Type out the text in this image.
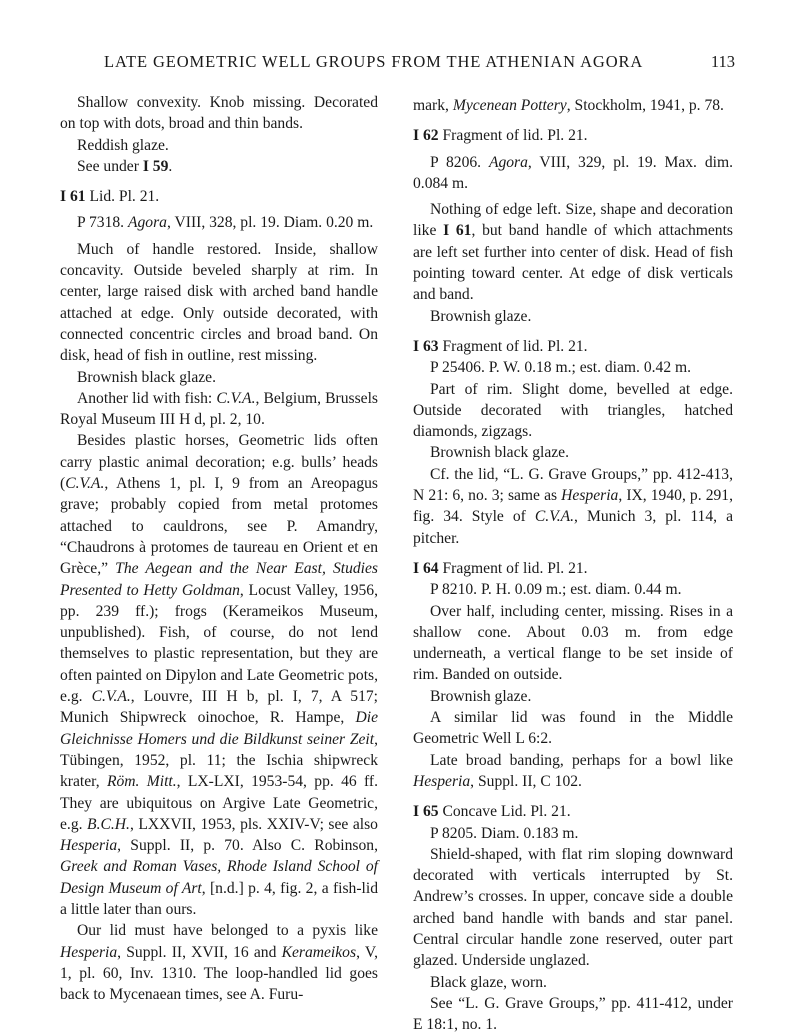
LATE GEOMETRIC WELL GROUPS FROM THE ATHENIAN AGORA	113

Shallow convexity. Knob missing. Decorated on top with dots, broad and thin bands.

Reddish glaze.

See under I 59.

I 61 Lid. Pl. 21.

P 7318. Agora, VIII, 328, pl. 19. Diam. 0.20 m.

Much of handle restored. Inside, shallow concavity. Outside beveled sharply at rim. In center, large raised disk with arched band handle attached at edge. Only outside decorated, with connected concentric circles and broad band. On disk, head of fish in outline, rest missing.

Brownish black glaze.

Another lid with fish: C.V.A., Belgium, Brussels Royal Museum III H d, pl. 2, 10.

Besides plastic horses, Geometric lids often carry plastic animal decoration; e.g. bulls’ heads (C.V.A., Athens 1, pl. I, 9 from an Areopagus grave; probably copied from metal protomes attached to cauldrons, see P. Amandry, “Chaudrons à protomes de taureau en Orient et en Grèce,” The Aegean and the Near East, Studies Presented to Hetty Goldman, Locust Valley, 1956, pp. 239 ff.); frogs (Kerameikos Museum, unpublished). Fish, of course, do not lend themselves to plastic representation, but they are often painted on Dipylon and Late Geometric pots, e.g. C.V.A., Louvre, III H b, pl. I, 7, A 517; Munich Shipwreck oinochoe, R. Hampe, Die Gleichnisse Homers und die Bildkunst seiner Zeit, Tübingen, 1952, pl. 11; the Ischia shipwreck krater, Röm. Mitt., LX-LXI, 1953-54, pp. 46 ff. They are ubiquitous on Argive Late Geometric, e.g. B.C.H., LXXVII, 1953, pls. XXIV-V; see also Hesperia, Suppl. II, p. 70. Also C. Robinson, Greek and Roman Vases, Rhode Island School of Design Museum of Art, [n.d.] p. 4, fig. 2, a fish-lid a little later than ours.

Our lid must have belonged to a pyxis like Hesperia, Suppl. II, XVII, 16 and Kerameikos, V, 1, pl. 60, Inv. 1310. The loop-handled lid goes back to Mycenaean times, see A. Furu-

mark, Mycenean Pottery, Stockholm, 1941, p. 78.

I 62 Fragment of lid. Pl. 21.

P 8206. Agora, VIII, 329, pl. 19. Max. dim. 0.084 m.

Nothing of edge left. Size, shape and decoration like I 61, but band handle of which attachments are left set further into center of disk. Head of fish pointing toward center. At edge of disk verticals and band.

Brownish glaze.

I 63 Fragment of lid. Pl. 21.

P 25406. P. W. 0.18 m.; est. diam. 0.42 m.

Part of rim. Slight dome, bevelled at edge. Outside decorated with triangles, hatched diamonds, zigzags.

Brownish black glaze.

Cf. the lid, “L. G. Grave Groups,” pp. 412-413, N 21: 6, no. 3; same as Hesperia, IX, 1940, p. 291, fig. 34. Style of C.V.A., Munich 3, pl. 114, a pitcher.

I 64 Fragment of lid. Pl. 21.

P 8210. P. H. 0.09 m.; est. diam. 0.44 m.

Over half, including center, missing. Rises in a shallow cone. About 0.03 m. from edge underneath, a vertical flange to be set inside of rim. Banded on outside.

Brownish glaze.

A similar lid was found in the Middle Geometric Well L 6:2.

Late broad banding, perhaps for a bowl like Hesperia, Suppl. II, C 102.

I 65 Concave Lid. Pl. 21.

P 8205. Diam. 0.183 m.

Shield-shaped, with flat rim sloping downward decorated with verticals interrupted by St. Andrew’s crosses. In upper, concave side a double arched band handle with bands and star panel. Central circular handle zone reserved, outer part glazed. Underside unglazed.

Black glaze, worn.

See “L. G. Grave Groups,” pp. 411-412, under E 18:1, no. 1.
